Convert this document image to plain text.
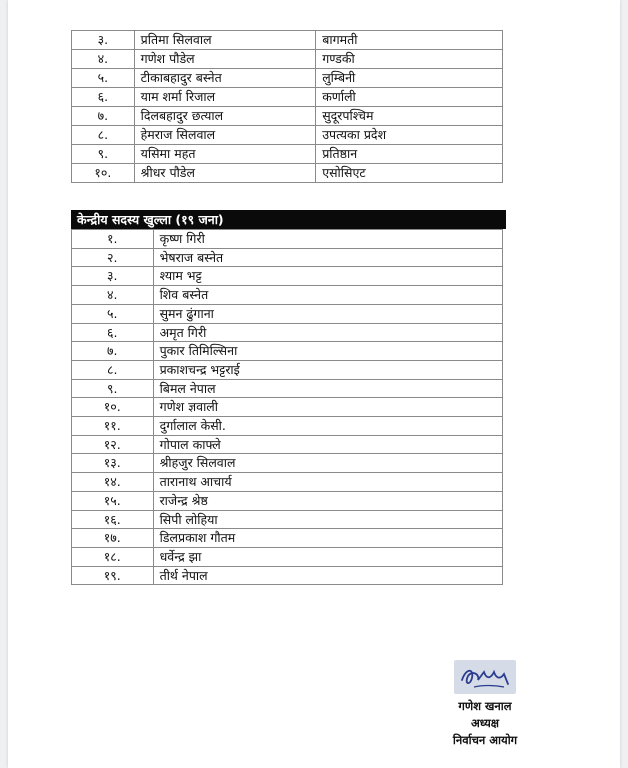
३.	प्रतिमा सिलवाल	बागमती
४.	गणेश पौडेल	गण्डकी
५.	टीकाबहादुर बस्नेत	लुम्बिनी
६.	याम शर्मा रिजाल	कर्णाली
७.	दिलबहादुर छत्याल	सुदूरपश्चिम
८.	हेमराज सिलवाल	उपत्यका प्रदेश
९.	यसिमा महत	प्रतिष्ठान
१०.	श्रीधर पौडेल	एसोसिएट
केन्द्रीय सदस्य खुल्ला (१९ जना)
१.	कृष्ण गिरी
२.	भेषराज बस्नेत
३.	श्याम भट्ट
४.	शिव बस्नेत
५.	सुमन ढुंगाना
६.	अमृत गिरी
७.	पुकार तिमिल्सिना
८.	प्रकाशचन्द्र भट्टराई
९.	बिमल नेपाल
१०.	गणेश ज्ञवाली
११.	दुर्गालाल केसी.
१२.	गोपाल काफ्ले
१३.	श्रीहजुर सिलवाल
१४.	तारानाथ आचार्य
१५.	राजेन्द्र श्रेष्ठ
१६.	सिपी लोहिया
१७.	डिलप्रकाश गौतम
१८.	धर्वेन्द्र झा
१९.	तीर्थ नेपाल
गणेश खनाल
अध्यक्ष
निर्वाचन आयोग
